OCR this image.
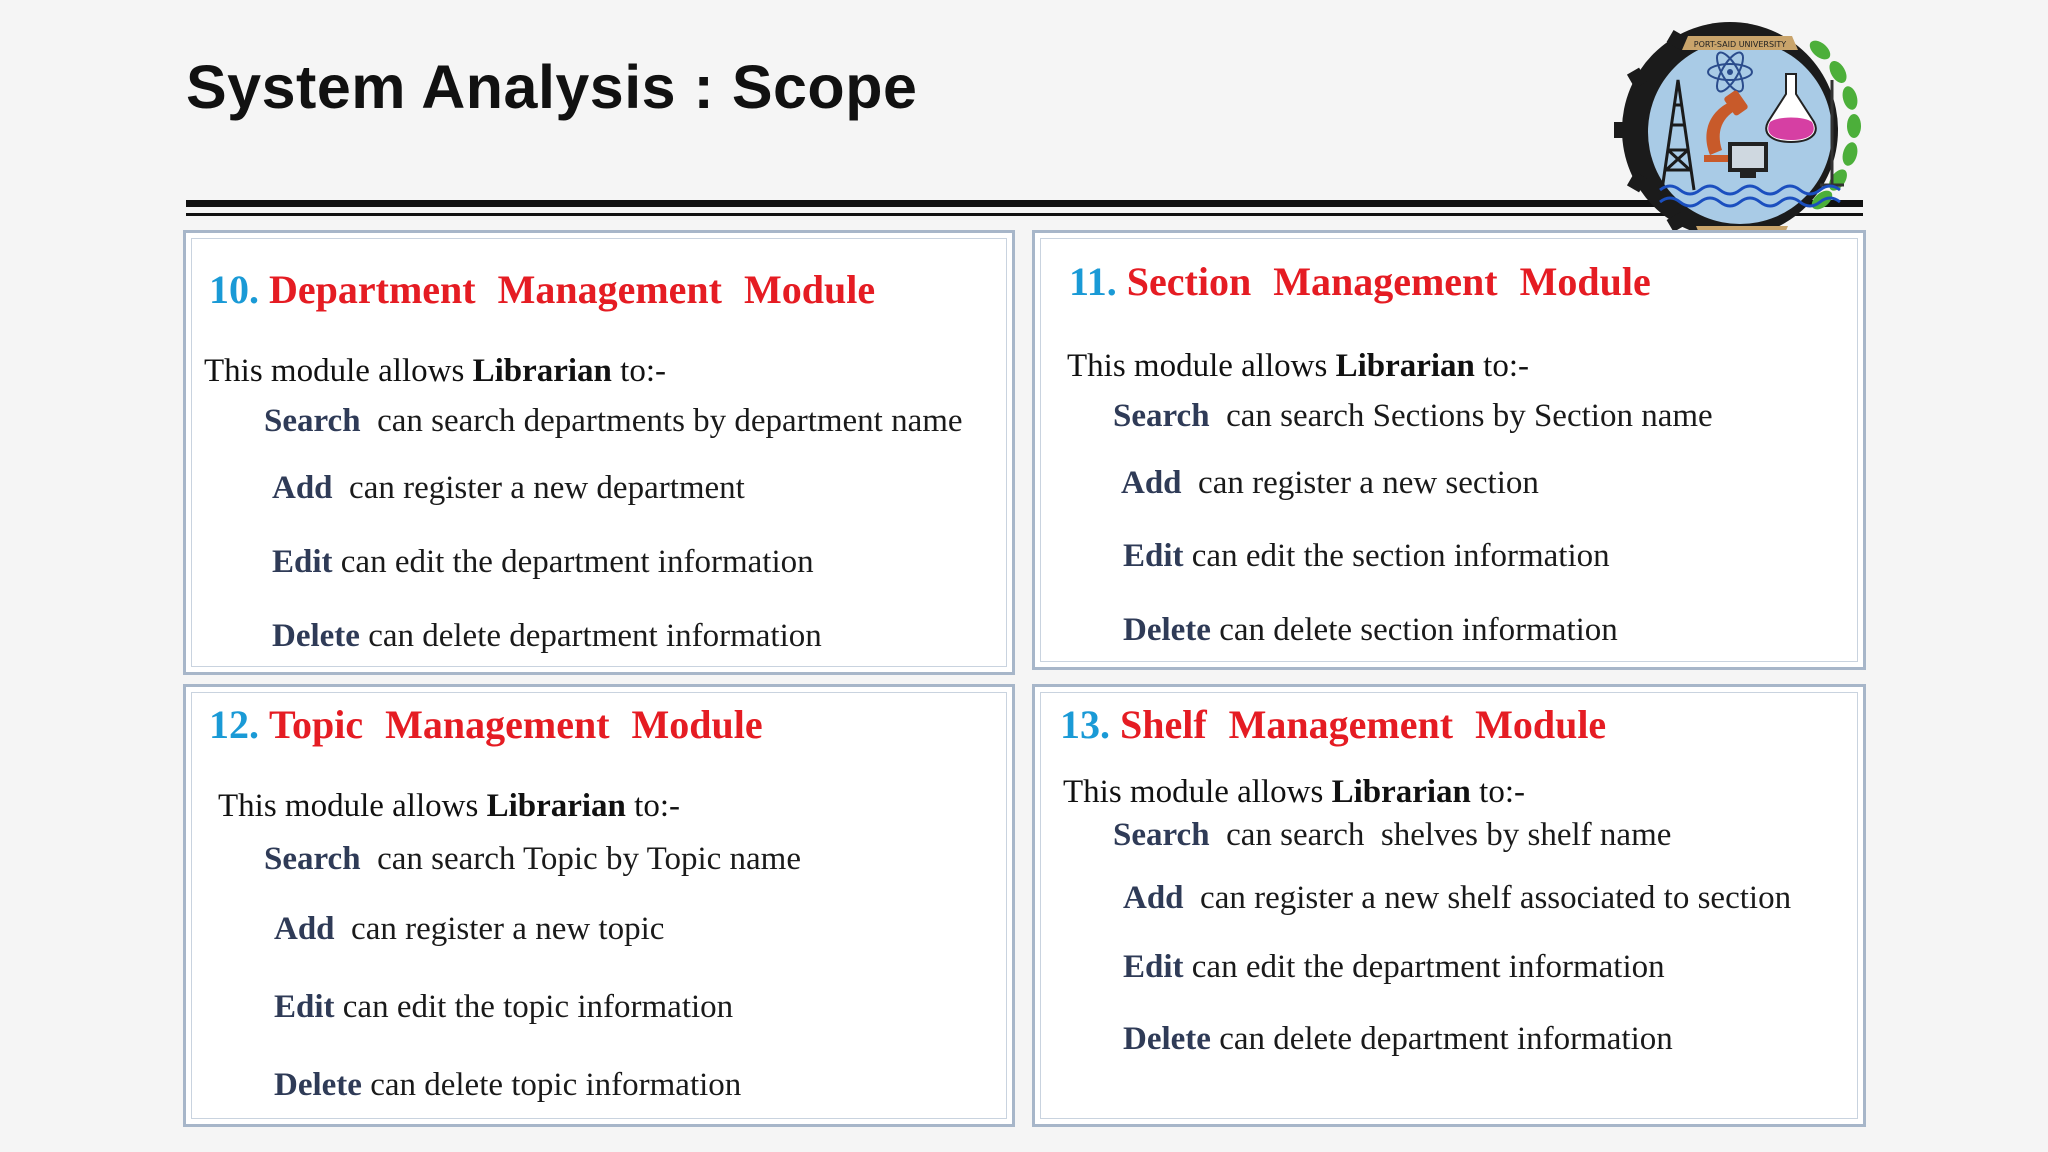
System Analysis : Scope
PORT-SAID UNIVERSITY
10. Department Management Module
This module allows Librarian to:-
Search  can search departments by department name
Add  can register a new department
Edit can edit the department information
Delete can delete department information
11. Section Management Module
This module allows Librarian to:-
Search  can search Sections by Section name
Add  can register a new section
Edit can edit the section information
Delete can delete section information
12. Topic Management Module
This module allows Librarian to:-
Search  can search Topic by Topic name
Add  can register a new topic
Edit can edit the topic information
Delete can delete topic information
13. Shelf Management Module
This module allows Librarian to:-
Search  can search  shelves by shelf name
Add  can register a new shelf associated to section
Edit can edit the department information
Delete can delete department information
